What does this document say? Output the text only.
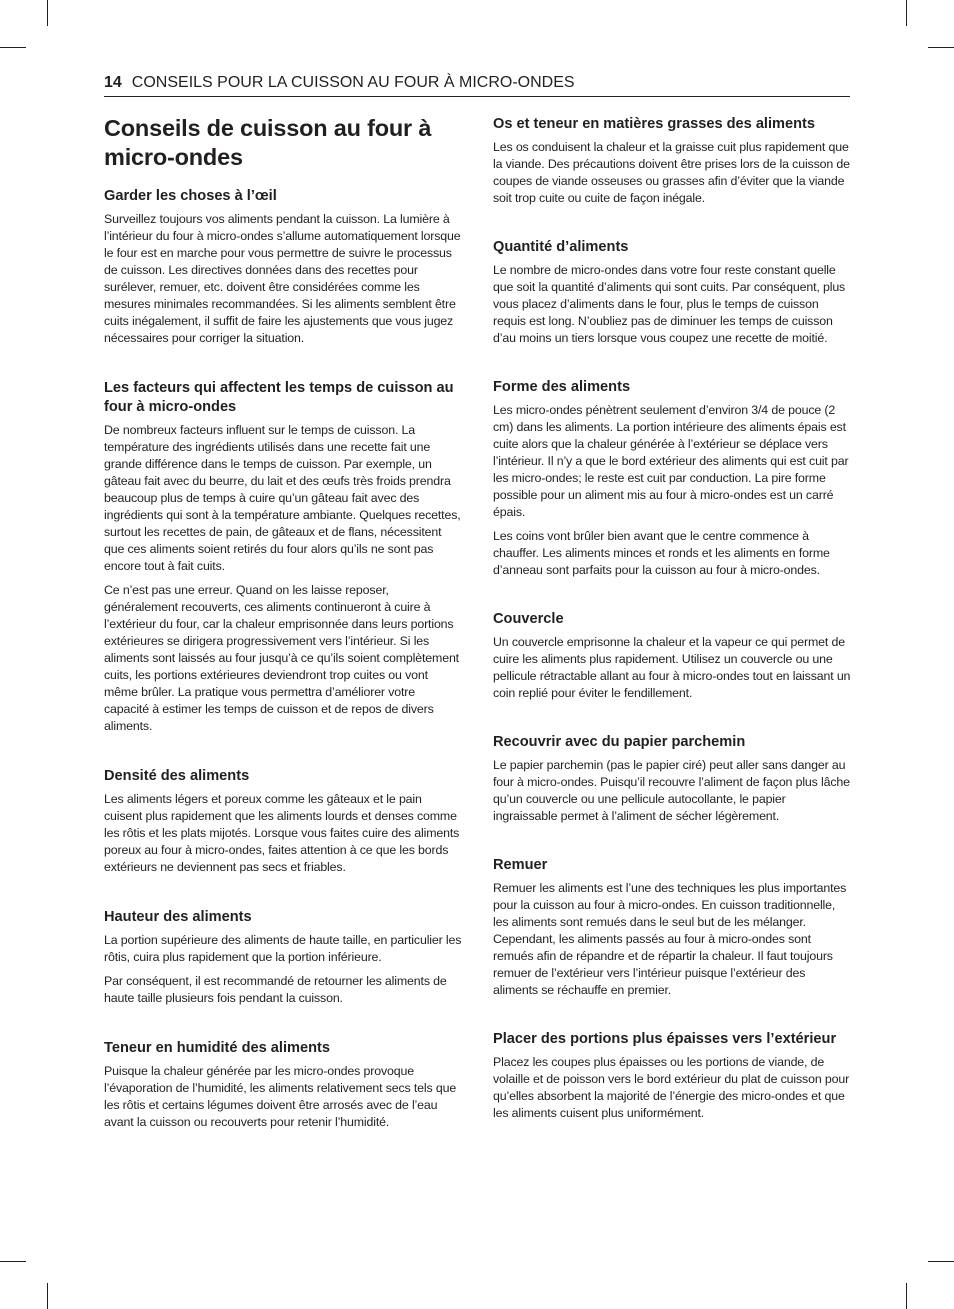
14 CONSEILS POUR LA CUISSON AU FOUR À MICRO-ONDES
Conseils de cuisson au four à
micro-ondes
Garder les choses à l’œil

Surveillez toujours vos aliments pendant la cuisson. La lumière à l’intérieur du four à micro-ondes s’allume automatiquement lorsque le four est en marche pour vous permettre de suivre le processus de cuisson. Les directives données dans des recettes pour surélever, remuer, etc. doivent être considérées comme les mesures minimales recommandées. Si les aliments semblent être cuits inégalement, il suffit de faire les ajustements que vous jugez nécessaires pour corriger la situation.

Les facteurs qui affectent les temps de cuisson au four à micro-ondes

De nombreux facteurs influent sur le temps de cuisson. La température des ingrédients utilisés dans une recette fait une grande différence dans le temps de cuisson. Par exemple, un gâteau fait avec du beurre, du lait et des œufs très froids prendra beaucoup plus de temps à cuire qu’un gâteau fait avec des ingrédients qui sont à la température ambiante. Quelques recettes, surtout les recettes de pain, de gâteaux et de flans, nécessitent que ces aliments soient retirés du four alors qu’ils ne sont pas encore tout à fait cuits.

Ce n’est pas une erreur. Quand on les laisse reposer, généralement recouverts, ces aliments continueront à cuire à l’extérieur du four, car la chaleur emprisonnée dans leurs portions extérieures se dirigera progressivement vers l’intérieur. Si les aliments sont laissés au four jusqu’à ce qu’ils soient complètement cuits, les portions extérieures deviendront trop cuites ou vont même brûler. La pratique vous permettra d’améliorer votre capacité à estimer les temps de cuisson et de repos de divers aliments.

Densité des aliments

Les aliments légers et poreux comme les gâteaux et le pain cuisent plus rapidement que les aliments lourds et denses comme les rôtis et les plats mijotés. Lorsque vous faites cuire des aliments poreux au four à micro-ondes, faites attention à ce que les bords extérieurs ne deviennent pas secs et friables.

Hauteur des aliments

La portion supérieure des aliments de haute taille, en particulier les rôtis, cuira plus rapidement que la portion inférieure.

Par conséquent, il est recommandé de retourner les aliments de haute taille plusieurs fois pendant la cuisson.

Teneur en humidité des aliments

Puisque la chaleur générée par les micro-ondes provoque l’évaporation de l’humidité, les aliments relativement secs tels que les rôtis et certains légumes doivent être arrosés avec de l’eau avant la cuisson ou recouverts pour retenir l’humidité.

Os et teneur en matières grasses des aliments

Les os conduisent la chaleur et la graisse cuit plus rapidement que la viande. Des précautions doivent être prises lors de la cuisson de coupes de viande osseuses ou grasses afin d’éviter que la viande soit trop cuite ou cuite de façon inégale.

Quantité d’aliments

Le nombre de micro-ondes dans votre four reste constant quelle que soit la quantité d’aliments qui sont cuits. Par conséquent, plus vous placez d’aliments dans le four, plus le temps de cuisson requis est long. N’oubliez pas de diminuer les temps de cuisson d’au moins un tiers lorsque vous coupez une recette de moitié.

Forme des aliments

Les micro-ondes pénètrent seulement d’environ 3/4 de pouce (2 cm) dans les aliments. La portion intérieure des aliments épais est cuite alors que la chaleur générée à l’extérieur se déplace vers l’intérieur. Il n’y a que le bord extérieur des aliments qui est cuit par les micro-ondes; le reste est cuit par conduction. La pire forme possible pour un aliment mis au four à micro-ondes est un carré épais.

Les coins vont brûler bien avant que le centre commence à chauffer. Les aliments minces et ronds et les aliments en forme d’anneau sont parfaits pour la cuisson au four à micro-ondes.

Couvercle

Un couvercle emprisonne la chaleur et la vapeur ce qui permet de cuire les aliments plus rapidement. Utilisez un couvercle ou une pellicule rétractable allant au four à micro-ondes tout en laissant un coin replié pour éviter le fendillement.

Recouvrir avec du papier parchemin

Le papier parchemin (pas le papier ciré) peut aller sans danger au four à micro-ondes. Puisqu’il recouvre l’aliment de façon plus lâche qu’un couvercle ou une pellicule autocollante, le papier ingraissable permet à l’aliment de sécher légèrement.

Remuer

Remuer les aliments est l’une des techniques les plus importantes pour la cuisson au four à micro-ondes. En cuisson traditionnelle, les aliments sont remués dans le seul but de les mélanger. Cependant, les aliments passés au four à micro-ondes sont remués afin de répandre et de répartir la chaleur. Il faut toujours remuer de l’extérieur vers l’intérieur puisque l’extérieur des aliments se réchauffe en premier.

Placer des portions plus épaisses vers l’extérieur

Placez les coupes plus épaisses ou les portions de viande, de volaille et de poisson vers le bord extérieur du plat de cuisson pour qu’elles absorbent la majorité de l’énergie des micro-ondes et que les aliments cuisent plus uniformément.
